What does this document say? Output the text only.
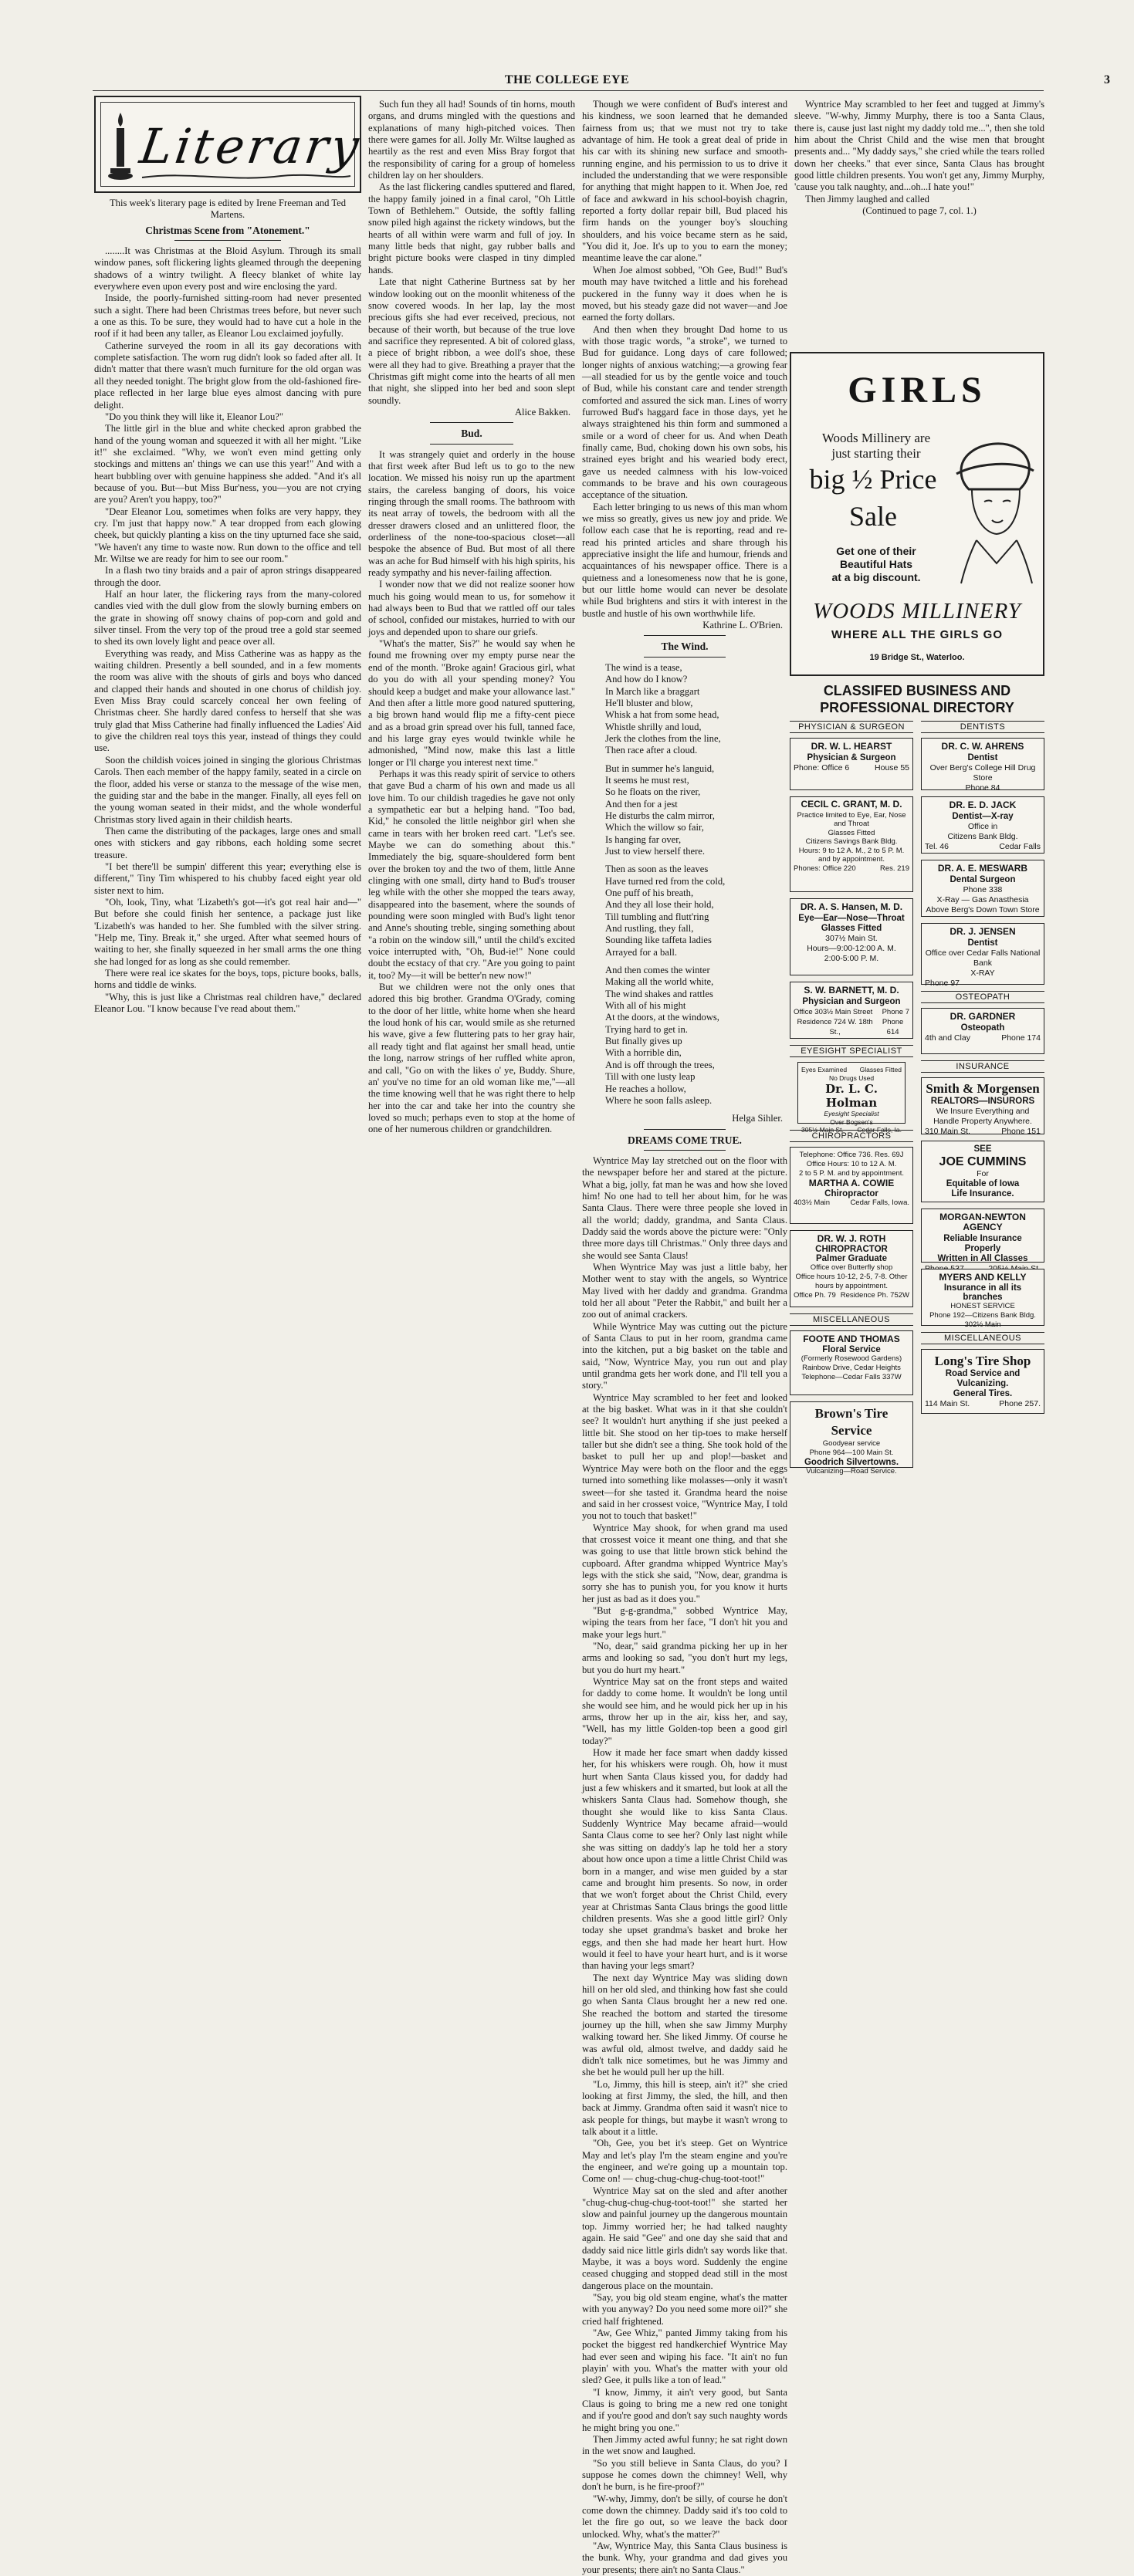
THE COLLEGE EYE	3
Literary

This week's literary page is edited by Irene Freeman and Ted Martens.

Christmas Scene from "Atonement."

........It was Christmas at the Bloid Asylum. Through its small window panes, soft flickering lights gleamed through the deepening shadows of a wintry twilight. A fleecy blanket of white lay everywhere even upon every post and wire enclosing the yard.

Inside, the poorly-furnished sitting-room had never presented such a sight. There had been Christmas trees before, but never such a one as this. To be sure, they would had to have cut a hole in the roof if it had been any taller, as Eleanor Lou exclaimed joyfully.

Catherine surveyed the room in all its gay decorations with complete satisfaction. The worn rug didn't look so faded after all. It didn't matter that there wasn't much furniture for the old organ was all they needed tonight. The bright glow from the old-fashioned fire-place reflected in her large blue eyes almost dancing with pure delight.

"Do you think they will like it, Eleanor Lou?"

The little girl in the blue and white checked apron grabbed the hand of the young woman and squeezed it with all her might. "Like it!" she exclaimed. "Why, we won't even mind getting only stockings and mittens an' things we can use this year!" And with a heart bubbling over with genuine happiness she added. "And it's all because of you. But—but Miss Bur'ness, you—you are not crying are you? Aren't you happy, too?"

"Dear Eleanor Lou, sometimes when folks are very happy, they cry. I'm just that happy now." A tear dropped from each glowing cheek, but quickly planting a kiss on the tiny upturned face she said, "We haven't any time to waste now. Run down to the office and tell Mr. Wiltse we are ready for him to see our room."

In a flash two tiny braids and a pair of apron strings disappeared through the door.

Half an hour later, the flickering rays from the many-colored candles vied with the dull glow from the slowly burning embers on the grate in showing off snowy chains of pop-corn and gold and silver tinsel. From the very top of the proud tree a gold star seemed to shed its own lovely light and peace over all.

Everything was ready, and Miss Catherine was as happy as the waiting children. Presently a bell sounded, and in a few moments the room was alive with the shouts of girls and boys who danced and clapped their hands and shouted in one chorus of childish joy. Even Miss Bray could scarcely conceal her own feeling of Christmas cheer. She hardly dared confess to herself that she was truly glad that Miss Catherine had finally influenced the Ladies' Aid to give the children real toys this year, instead of things they could use.

Soon the childish voices joined in singing the glorious Christmas Carols. Then each member of the happy family, seated in a circle on the floor, added his verse or stanza to the message of the wise men, the guiding star and the babe in the manger. Finally, all eyes fell on the young woman seated in their midst, and the whole wonderful Christmas story lived again in their childish hearts.

Then came the distributing of the packages, large ones and small ones with stickers and gay ribbons, each holding some secret treasure.

"I bet there'll be sumpin' different this year; everything else is different," Tiny Tim whispered to his chubby faced eight year old sister next to him.

"Oh, look, Tiny, what 'Lizabeth's got—it's got real hair and—" But before she could finish her sentence, a package just like 'Lizabeth's was handed to her. She fumbled with the silver string. "Help me, Tiny. Break it," she urged. After what seemed hours of waiting to her, she finally squeezed in her small arms the one thing she had longed for as long as she could remember.

There were real ice skates for the boys, tops, picture books, balls, horns and tiddle de winks.

"Why, this is just like a Christmas real children have," declared Eleanor Lou. "I know because I've read about them."

Such fun they all had! Sounds of tin horns, mouth organs, and drums mingled with the questions and explanations of many high-pitched voices. Then there were games for all. Jolly Mr. Wiltse laughed as heartily as the rest and even Miss Bray forgot that the responsibility of caring for a group of homeless children lay on her shoulders.

As the last flickering candles sputtered and flared, the happy family joined in a final carol, "Oh Little Town of Bethlehem." Outside, the softly falling snow piled high against the rickety windows, but the hearts of all within were warm and full of joy. In many little beds that night, gay rubber balls and bright picture books were clasped in tiny dimpled hands.

Late that night Catherine Burtness sat by her window looking out on the moonlit whiteness of the snow covered woods. In her lap, lay the most precious gifts she had ever received, precious, not because of their worth, but because of the true love and sacrifice they represented. A bit of colored glass, a piece of bright ribbon, a wee doll's shoe, these were all they had to give. Breathing a prayer that the Christmas gift might come into the hearts of all men that night, she slipped into her bed and soon slept soundly.

Alice Bakken.

Bud.

It was strangely quiet and orderly in the house that first week after Bud left us to go to the new location. We missed his noisy run up the apartment stairs, the careless banging of doors, his voice ringing through the small rooms. The bathroom with its neat array of towels, the bedroom with all the dresser drawers closed and an unlittered floor, the orderliness of the none-too-spacious closet—all bespoke the absence of Bud. But most of all there was an ache for Bud himself with his high spirits, his ready sympathy and his never-failing affection.

I wonder now that we did not realize sooner how much his going would mean to us, for somehow it had always been to Bud that we rattled off our tales of school, confided our mistakes, hurried to with our joys and depended upon to share our griefs.

"What's the matter, Sis?" he would say when he found me frowning over my empty purse near the end of the month. "Broke again! Gracious girl, what do you do with all your spending money? You should keep a budget and make your allowance last." And then after a little more good natured sputtering, a big brown hand would flip me a fifty-cent piece and as a broad grin spread over his full, tanned face, and his large gray eyes would twinkle while he admonished, "Mind now, make this last a little longer or I'll charge you interest next time."

Perhaps it was this ready spirit of service to others that gave Bud a charm of his own and made us all love him. To our childish tragedies he gave not only a sympathetic ear but a helping hand. "Too bad, Kid," he consoled the little neighbor girl when she came in tears with her broken reed cart. "Let's see. Maybe we can do something about this." Immediately the big, square-shouldered form bent over the broken toy and the two of them, little Anne clinging with one small, dirty hand to Bud's trouser leg while with the other she mopped the tears away, disappeared into the basement, where the sounds of pounding were soon mingled with Bud's light tenor and Anne's shouting treble, singing something about "a robin on the window sill," until the child's excited voice interrupted with, "Oh, Bud-ie!" None could doubt the ecstacy of that cry. "Are you going to paint it, too? My—it will be better'n new now!"

But we children were not the only ones that adored this big brother. Grandma O'Grady, coming to the door of her little, white home when she heard the loud honk of his car, would smile as she returned his wave, give a few fluttering pats to her gray hair, all ready tight and flat against her small head, untie the long, narrow strings of her ruffled white apron, and call, "Go on with the likes o' ye, Buddy. Shure, an' you've no time for an old woman like me,"—all the time knowing well that he was right there to help her into the car and take her into the country she loved so much; perhaps even to stop at the home of one of her numerous children or grandchildren.

Though we were confident of Bud's interest and his kindness, we soon learned that he demanded fairness from us; that we must not try to take advantage of him. He took a great deal of pride in his car with its shining new surface and smooth-running engine, and his permission to us to drive it included the understanding that we were responsible for anything that might happen to it. When Joe, red of face and awkward in his school-boyish chagrin, reported a forty dollar repair bill, Bud placed his firm hands on the younger boy's slouching shoulders, and his voice became stern as he said, "You did it, Joe. It's up to you to earn the money; meantime leave the car alone."

When Joe almost sobbed, "Oh Gee, Bud!" Bud's mouth may have twitched a little and his forehead puckered in the funny way it does when he is moved, but his steady gaze did not waver—and Joe earned the forty dollars.

And then when they brought Dad home to us with those tragic words, "a stroke", we turned to Bud for guidance. Long days of care followed; longer nights of anxious watching;—a growing fear—all steadied for us by the gentle voice and touch of Bud, while his constant care and tender strength comforted and assured the sick man. Lines of worry furrowed Bud's haggard face in those days, yet he always straightened his thin form and summoned a smile or a word of cheer for us. And when Death finally came, Bud, choking down his own sobs, his strained eyes bright and his wearied body erect, gave us needed calmness with his low-voiced commands to be brave and his own courageous acceptance of the situation.

Each letter bringing to us news of this man whom we miss so greatly, gives us new joy and pride. We follow each case that he is reporting, read and re-read his printed articles and share through his appreciative insight the life and humour, friends and acquaintances of his newspaper office. There is a quietness and a lonesomeness now that he is gone, but our little home would can never be desolate while Bud brightens and stirs it with interest in the bustle and hustle of his own worthwhile life.

Kathrine L. O'Brien.

The Wind.
The wind is a tease,
And how do I know?
In March like a braggart
He'll bluster and blow,
Whisk a hat from some head,
Whistle shrilly and loud,
Jerk the clothes from the line,
Then race after a cloud.
But in summer he's languid,
It seems he must rest,
So he floats on the river,
And then for a jest
He disturbs the calm mirror,
Which the willow so fair,
Is hanging far over,
Just to view herself there.
Then as soon as the leaves
Have turned red from the cold,
One puff of his breath,
And they all lose their hold,
Till tumbling and flutt'ring
And rustling, they fall,
Sounding like taffeta ladies
Arrayed for a ball.
And then comes the winter
Making all the world white,
The wind shakes and rattles
With all of his might
At the doors, at the windows,
Trying hard to get in.
But finally gives up
With a horrible din,
And is off through the trees,
Till with one lusty leap
He reaches a hollow,
Where he soon falls asleep.

Helga Sihler.

DREAMS COME TRUE.

Wyntrice May lay stretched out on the floor with the newspaper before her and stared at the picture. What a big, jolly, fat man he was and how she loved him! No one had to tell her about him, for he was Santa Claus. There were three people she loved in all the world; daddy, grandma, and Santa Claus. Daddy said the words above the picture were: "Only three more days till Christmas." Only three days and she would see Santa Claus!

When Wyntrice May was just a little baby, her Mother went to stay with the angels, so Wyntrice May lived with her daddy and grandma. Grandma told her all about "Peter the Rabbit," and built her a zoo out of animal crackers.

While Wyntrice May was cutting out the picture of Santa Claus to put in her room, grandma came into the kitchen, put a big basket on the table and said, "Now, Wyntrice May, you run out and play until grandma gets her work done, and I'll tell you a story."

Wyntrice May scrambled to her feet and looked at the big basket. What was in it that she couldn't see? It wouldn't hurt anything if she just peeked a little bit. She stood on her tip-toes to make herself taller but she didn't see a thing. She took hold of the basket to pull her up and plop!—basket and Wyntrice May were both on the floor and the eggs turned into something like molasses—only it wasn't sweet—for she tasted it. Grandma heard the noise and said in her crossest voice, "Wyntrice May, I told you not to touch that basket!"

Wyntrice May shook, for when grand ma used that crossest voice it meant one thing, and that she was going to use that little brown stick behind the cupboard. After grandma whipped Wyntrice May's legs with the stick she said, "Now, dear, grandma is sorry she has to punish you, for you know it hurts her just as bad as it does you."

"But g-g-grandma," sobbed Wyntrice May, wiping the tears from her face, "I don't hit you and make your legs hurt."

"No, dear," said grandma picking her up in her arms and looking so sad, "you don't hurt my legs, but you do hurt my heart."

Wyntrice May sat on the front steps and waited for daddy to come home. It wouldn't be long until she would see him, and he would pick her up in his arms, throw her up in the air, kiss her, and say, "Well, has my little Golden-top been a good girl today?"

How it made her face smart when daddy kissed her, for his whiskers were rough. Oh, how it must hurt when Santa Claus kissed you, for daddy had just a few whiskers and it smarted, but look at all the whiskers Santa Claus had. Somehow though, she thought she would like to kiss Santa Claus. Suddenly Wyntrice May became afraid—would Santa Claus come to see her? Only last night while she was sitting on daddy's lap he told her a story about how once upon a time a little Christ Child was born in a manger, and wise men guided by a star came and brought him presents. So now, in order that we won't forget about the Christ Child, every year at Christmas Santa Claus brings the good little children presents. Was she a good little girl? Only today she upset grandma's basket and broke her eggs, and then she had made her heart hurt. How would it feel to have your heart hurt, and is it worse than having your legs smart?

The next day Wyntrice May was sliding down hill on her old sled, and thinking how fast she could go when Santa Claus brought her a new red one. She reached the bottom and started the tiresome journey up the hill, when she saw Jimmy Murphy walking toward her. She liked Jimmy. Of course he was awful old, almost twelve, and daddy said he didn't talk nice sometimes, but he was Jimmy and she bet he would pull her up the hill.

"Lo, Jimmy, this hill is steep, ain't it?" she cried looking at first Jimmy, the sled, the hill, and then back at Jimmy. Grandma often said it wasn't nice to ask people for things, but maybe it wasn't wrong to talk about it a little.

"Oh, Gee, you bet it's steep. Get on Wyntrice May and let's play I'm the steam engine and you're the engineer, and we're going up a mountain top. Come on! — chug-chug-chug-chug-toot-toot!"

Wyntrice May sat on the sled and after another "chug-chug-chug-chug-toot-toot!" she started her slow and painful journey up the dangerous mountain top. Jimmy worried her; he had talked naughty again. He said "Gee" and one day she said that and daddy said nice little girls didn't say words like that. Maybe, it was a boys word. Suddenly the engine ceased chugging and stopped dead still in the most dangerous place on the mountain.

"Say, you big old steam engine, what's the matter with you anyway? Do you need some more oil?" she cried half frightened.

"Aw, Gee Whiz," panted Jimmy taking from his pocket the biggest red handkerchief Wyntrice May had ever seen and wiping his face. "It ain't no fun playin' with you. What's the matter with your old sled? Gee, it pulls like a ton of lead."

"I know, Jimmy, it ain't very good, but Santa Claus is going to bring me a new red one tonight and if you're good and don't say such naughty words he might bring you one."

Then Jimmy acted awful funny; he sat right down in the wet snow and laughed.

"So you still believe in Santa Claus, do you? I suppose he comes down the chimney! Well, why don't he burn, is he fire-proof?"

"W-why, Jimmy, don't be silly, of course he don't come down the chimney. Daddy said it's too cold to let the fire go out, so we leave the back door unlocked. Why, what's the matter?"

"Aw, Wyntrice May, this Santa Claus business is the bunk. Why, your grandma and dad gives you your presents; there ain't no Santa Claus."

Wyntrice May scrambled to her feet and tugged at Jimmy's sleeve. "W-why, Jimmy Murphy, there is too a Santa Claus, there is, cause just last night my daddy told me...", then she told him about the Christ Child and the wise men that brought presents and... "My daddy says," she cried while the tears rolled down her cheeks." that ever since, Santa Claus has brought good little children presents. You won't get any, Jimmy Murphy, 'cause you talk naughty, and...oh...I hate you!"

Then Jimmy laughed and called

(Continued to page 7, col. 1.)

GIRLS
Woods Millinery are
just starting their
big ½ Price
Sale
Get one of their
Beautiful Hats
at a big discount.
WOODS MILLINERY
WHERE ALL THE GIRLS GO
19 Bridge St., Waterloo.
CLASSIFED BUSINESS AND
PROFESSIONAL DIRECTORY
PHYSICIAN & SURGEON	DENTISTS
DR. W. L. HEARST
Physician & Surgeon
Phone: Office 6	House 55
CECIL C. GRANT, M. D.
Practice limited to Eye, Ear, Nose
and Throat
Glasses Fitted
Citizens Savings Bank Bldg.
Hours: 9 to 12 A. M., 2 to 5 P. M.
and by appointment.
Phones: Office 220	Res. 219
DR. A. S. Hansen, M. D.
Eye—Ear—Nose—Throat
Glasses Fitted
307½ Main St.
Hours—9:00-12:00 A. M.
2:00-5:00 P. M.
S. W. BARNETT, M. D.
Physician and Surgeon
Office 303½ Main Street Phone 7
Residence 724 W. 18th St.,
Phone 614
EYESIGHT SPECIALIST
Eyes Examined Glasses Fitted
No Drugs Used
Dr. L. C. Holman
Eyesight Specialist
Over Bogsen's
305½ Main St. Cedar Falls, Ia.
CHIROPRACTORS
Telephone: Office 736. Res. 69J
Office Hours: 10 to 12 A. M.
2 to 5 P. M. and by appointment.
MARTHA A. COWIE
Chiropractor
403½ Main	Cedar Falls, Iowa.
DR. W. J. ROTH
CHIROPRACTOR
Palmer Graduate
Office over Butterfly shop
Office hours 10-12, 2-5, 7-8. Other
hours by appointment.
Office Ph. 79 Residence Ph. 752W
MISCELLANEOUS
FOOTE AND THOMAS
Floral Service
(Formerly Rosewood Gardens)
Rainbow Drive, Cedar Heights
Telephone—Cedar Falls 337W
Brown's Tire Service
Goodyear service
Phone 964—100 Main St.
Goodrich Silvertowns.
Vulcanizing—Road Service.
DR. C. W. AHRENS
Dentist
Over Berg's College Hill Drug Store
Phone 84
DR. E. D. JACK
Dentist—X-ray
Office in
Citizens Bank Bldg.
Tel. 46	Cedar Falls
DR. A. E. MESWARB
Dental Surgeon
Phone 338
X-Ray — Gas Anasthesia
Above Berg's Down Town Store
DR. J. JENSEN
Dentist
Office over Cedar Falls National
Bank
X-RAY
Phone 97
OSTEOPATH
DR. GARDNER
Osteopath
4th and Clay	Phone 174
INSURANCE
Smith & Morgensen
REALTORS—INSURORS
We Insure Everything and
Handle Property Anywhere.
310 Main St.	Phone 151
SEE
JOE CUMMINS
For
Equitable of Iowa
Life Insurance.
MORGAN-NEWTON AGENCY
Reliable Insurance Properly
Written in All Classes
MYERS AND KELLY
Insurance in all its branches
HONEST SERVICE
Phone 192—Citizens Bank Bldg.
302½ Main
MISCELLANEOUS
Long's Tire Shop
Road Service and
Vulcanizing.
General Tires.
114 Main St.	Phone 257.
